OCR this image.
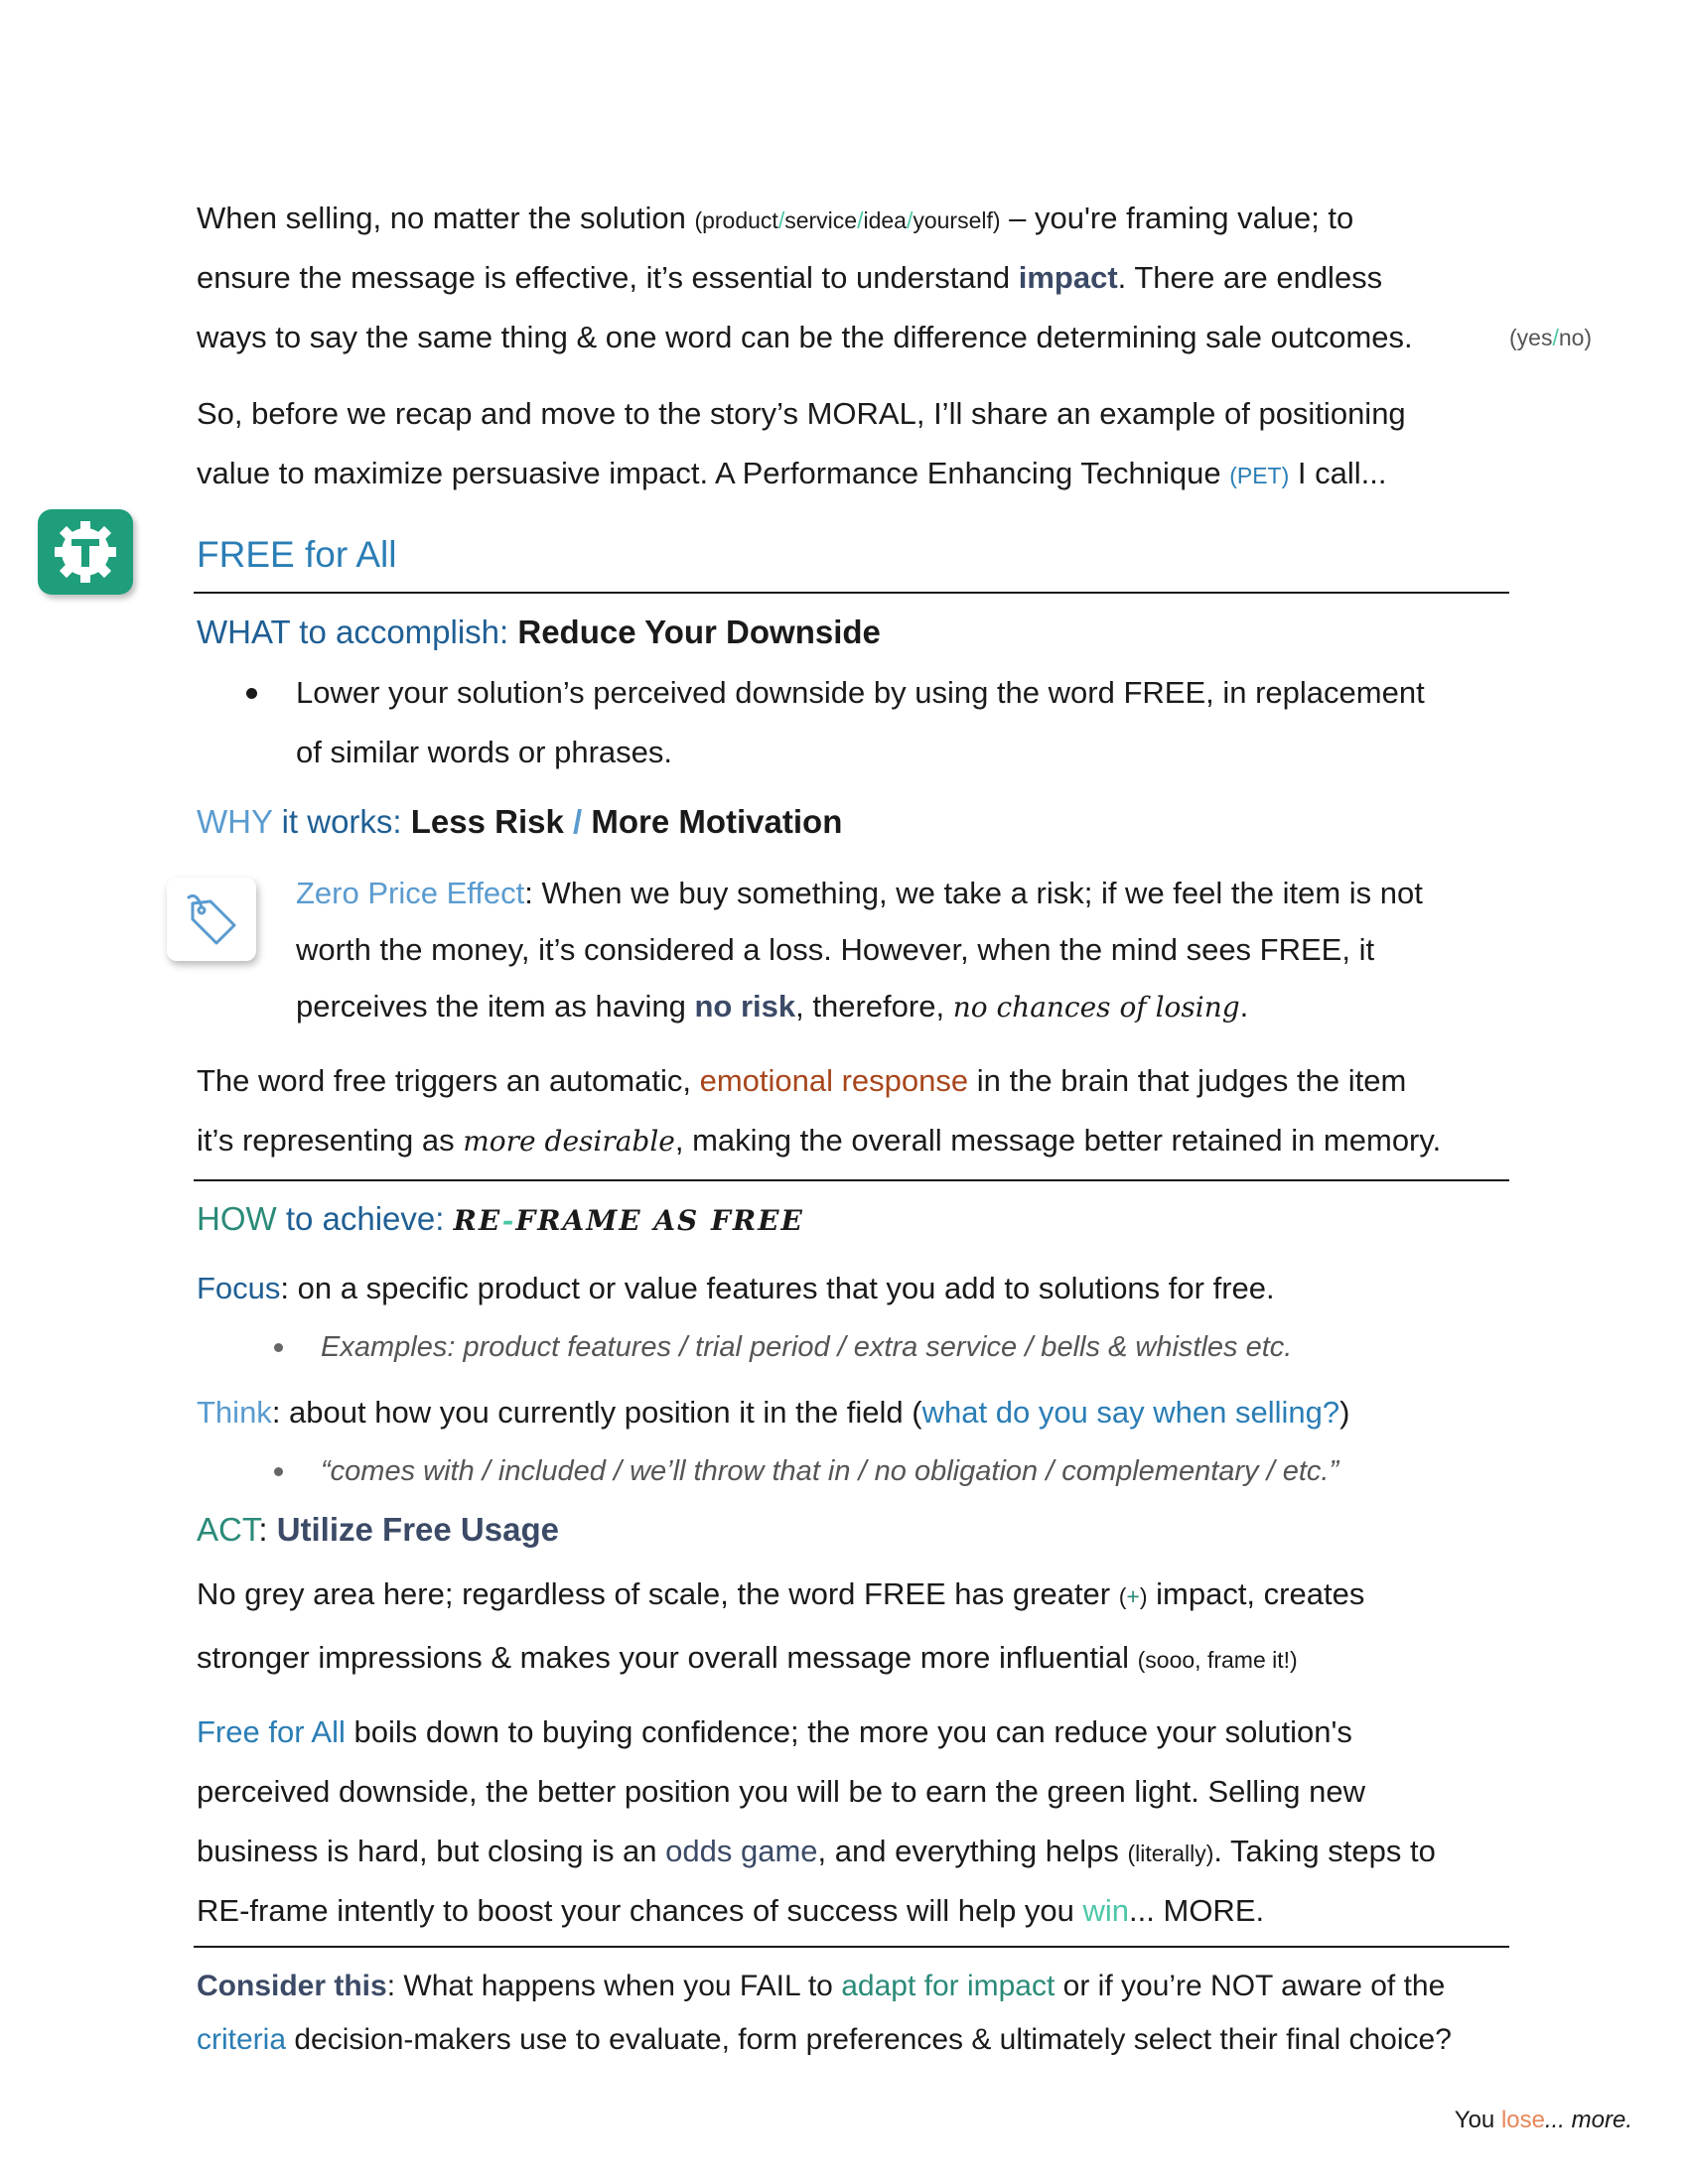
When selling, no matter the solution (product/service/idea/yourself) – you're framing value; to

ensure the message is effective, it’s essential to understand impact. There are endless

ways to say the same thing & one word can be the difference determining sale outcomes.	(yes/no)

So, before we recap and move to the story’s MORAL, I’ll share an example of positioning

value to maximize persuasive impact. A Performance Enhancing Technique (PET) I call...

FREE for All
WHAT to accomplish: Reduce Your Downside

Lower your solution’s perceived downside by using the word FREE, in replacement

of similar words or phrases.

WHY it works: Less Risk / More Motivation

Zero Price Effect: When we buy something, we take a risk; if we feel the item is not

worth the money, it’s considered a loss. However, when the mind sees FREE, it

perceives the item as having no risk, therefore, no chances of losing.

The word free triggers an automatic, emotional response in the brain that judges the item

it’s representing as more desirable, making the overall message better retained in memory.

HOW to achieve: RE-FRAME AS FREE

Focus: on a specific product or value features that you add to solutions for free.

Examples: product features / trial period / extra service / bells & whistles etc.

Think: about how you currently position it in the field (what do you say when selling?)

“comes with / included / we’ll throw that in / no obligation / complementary / etc.”

ACT: Utilize Free Usage

No grey area here; regardless of scale, the word FREE has greater (+) impact, creates

stronger impressions & makes your overall message more influential (sooo, frame it!)

Free for All boils down to buying confidence; the more you can reduce your solution's

perceived downside, the better position you will be to earn the green light. Selling new

business is hard, but closing is an odds game, and everything helps (literally). Taking steps to

RE-frame intently to boost your chances of success will help you win... MORE.

Consider this: What happens when you FAIL to adapt for impact or if you’re NOT aware of the

criteria decision-makers use to evaluate, form preferences & ultimately select their final choice?

You lose... more.
